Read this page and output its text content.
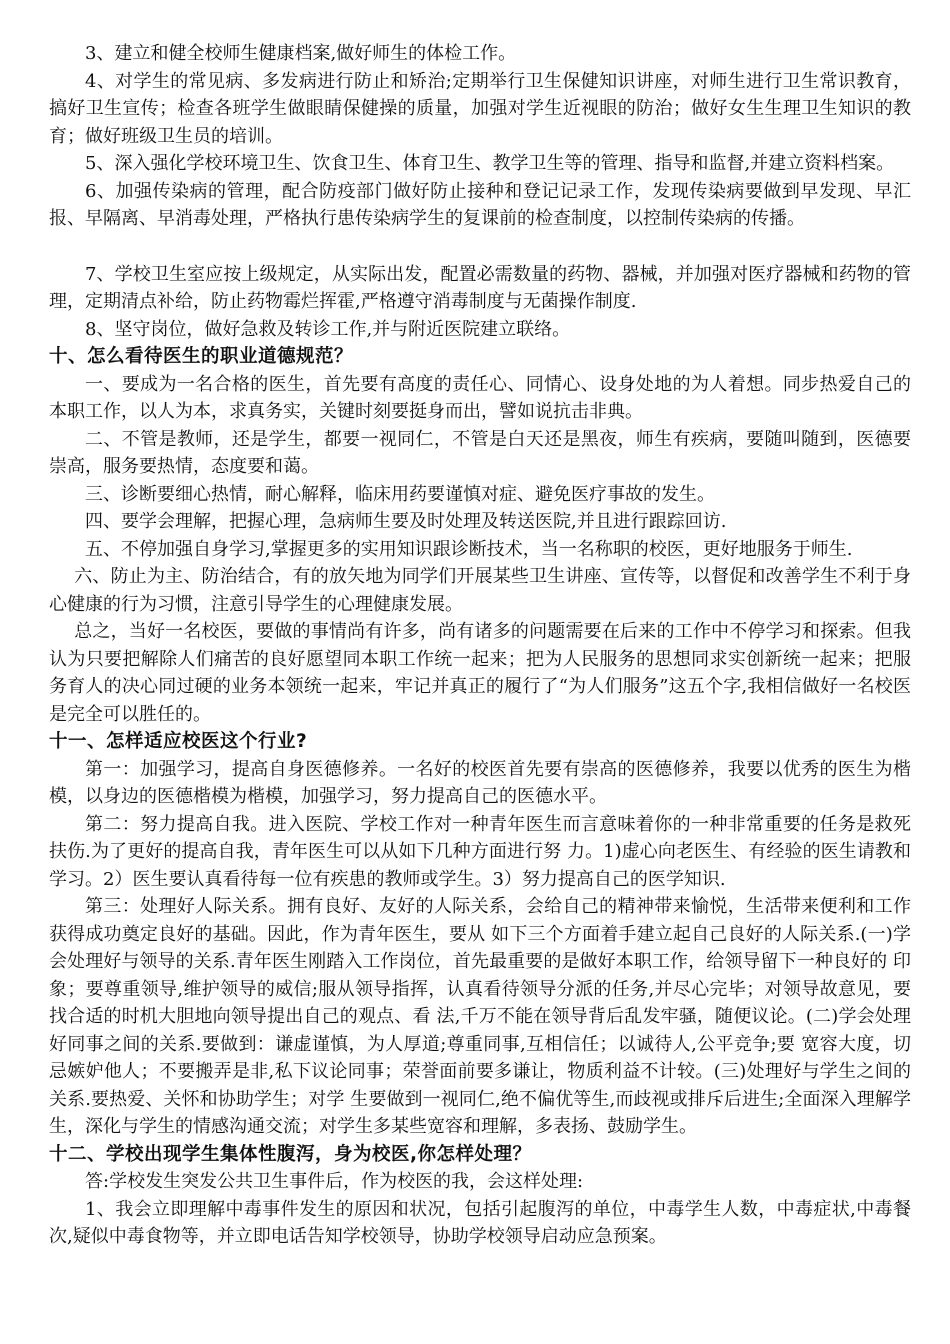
3、建立和健全校师生健康档案,做好师生的体检工作。

4、对学生的常见病、多发病进行防止和矫治;定期举行卫生保健知识讲座，对师生进行卫生常识教育，搞好卫生宣传；检查各班学生做眼睛保健操的质量，加强对学生近视眼的防治；做好女生生理卫生知识的教育；做好班级卫生员的培训。

5、深入强化学校环境卫生、饮食卫生、体育卫生、教学卫生等的管理、指导和监督,并建立资料档案。

6、加强传染病的管理，配合防疫部门做好防止接种和登记记录工作，发现传染病要做到早发现、早汇报、早隔离、早消毒处理，严格执行患传染病学生的复课前的检查制度，以控制传染病的传播。

7、学校卫生室应按上级规定，从实际出发，配置必需数量的药物、器械，并加强对医疗器械和药物的管理，定期清点补给，防止药物霉烂挥霍,严格遵守消毒制度与无菌操作制度.

8、坚守岗位，做好急救及转诊工作,并与附近医院建立联络。

十、怎么看待医生的职业道德规范？

一、要成为一名合格的医生，首先要有高度的责任心、同情心、设身处地的为人着想。同步热爱自己的本职工作，以人为本，求真务实，关键时刻要挺身而出，譬如说抗击非典。

二、不管是教师，还是学生，都要一视同仁，不管是白天还是黑夜，师生有疾病，要随叫随到，医德要崇高，服务要热情，态度要和蔼。

三、诊断要细心热情，耐心解释，临床用药要谨慎对症、避免医疗事故的发生。

四、要学会理解，把握心理，急病师生要及时处理及转送医院,并且进行跟踪回访.

五、不停加强自身学习,掌握更多的实用知识跟诊断技术，当一名称职的校医，更好地服务于师生.

六、防止为主、防治结合，有的放矢地为同学们开展某些卫生讲座、宣传等，以督促和改善学生不利于身心健康的行为习惯，注意引导学生的心理健康发展。

总之，当好一名校医，要做的事情尚有许多，尚有诸多的问题需要在后来的工作中不停学习和探索。但我认为只要把解除人们痛苦的良好愿望同本职工作统一起来；把为人民服务的思想同求实创新统一起来；把服务育人的决心同过硬的业务本领统一起来，牢记并真正的履行了“为人们服务”这五个字,我相信做好一名校医是完全可以胜任的。

十一、怎样适应校医这个行业?

第一：加强学习，提高自身医德修养。一名好的校医首先要有崇高的医德修养，我要以优秀的医生为楷模，以身边的医德楷模为楷模，加强学习，努力提高自己的医德水平。

第二：努力提高自我。进入医院、学校工作对一种青年医生而言意味着你的一种非常重要的任务是救死扶伤.为了更好的提高自我，青年医生可以从如下几种方面进行努 力。1)虚心向老医生、有经验的医生请教和学习。2）医生要认真看待每一位有疾患的教师或学生。3）努力提高自己的医学知识.

第三：处理好人际关系。拥有良好、友好的人际关系，会给自己的精神带来愉悦，生活带来便利和工作获得成功奠定良好的基础。因此，作为青年医生，要从 如下三个方面着手建立起自己良好的人际关系.(一)学会处理好与领导的关系.青年医生刚踏入工作岗位，首先最重要的是做好本职工作，给领导留下一种良好的 印象；要尊重领导,维护领导的威信;服从领导指挥，认真看待领导分派的任务,并尽心完毕；对领导故意见，要找合适的时机大胆地向领导提出自己的观点、看 法,千万不能在领导背后乱发牢骚，随便议论。(二)学会处理好同事之间的关系.要做到：谦虚谨慎，为人厚道;尊重同事,互相信任；以诚待人,公平竞争;要 宽容大度，切忌嫉妒他人；不要搬弄是非,私下议论同事；荣誉面前要多谦让，物质利益不计较。(三)处理好与学生之间的关系.要热爱、关怀和协助学生；对学 生要做到一视同仁,绝不偏优等生,而歧视或排斥后进生;全面深入理解学生，深化与学生的情感沟通交流；对学生多某些宽容和理解，多表扬、鼓励学生。

十二、学校出现学生集体性腹泻，身为校医,你怎样处理？

答:学校发生突发公共卫生事件后，作为校医的我，会这样处理:

1、我会立即理解中毒事件发生的原因和状况，包括引起腹泻的单位，中毒学生人数，中毒症状,中毒餐次,疑似中毒食物等，并立即电话告知学校领导，协助学校领导启动应急预案。
